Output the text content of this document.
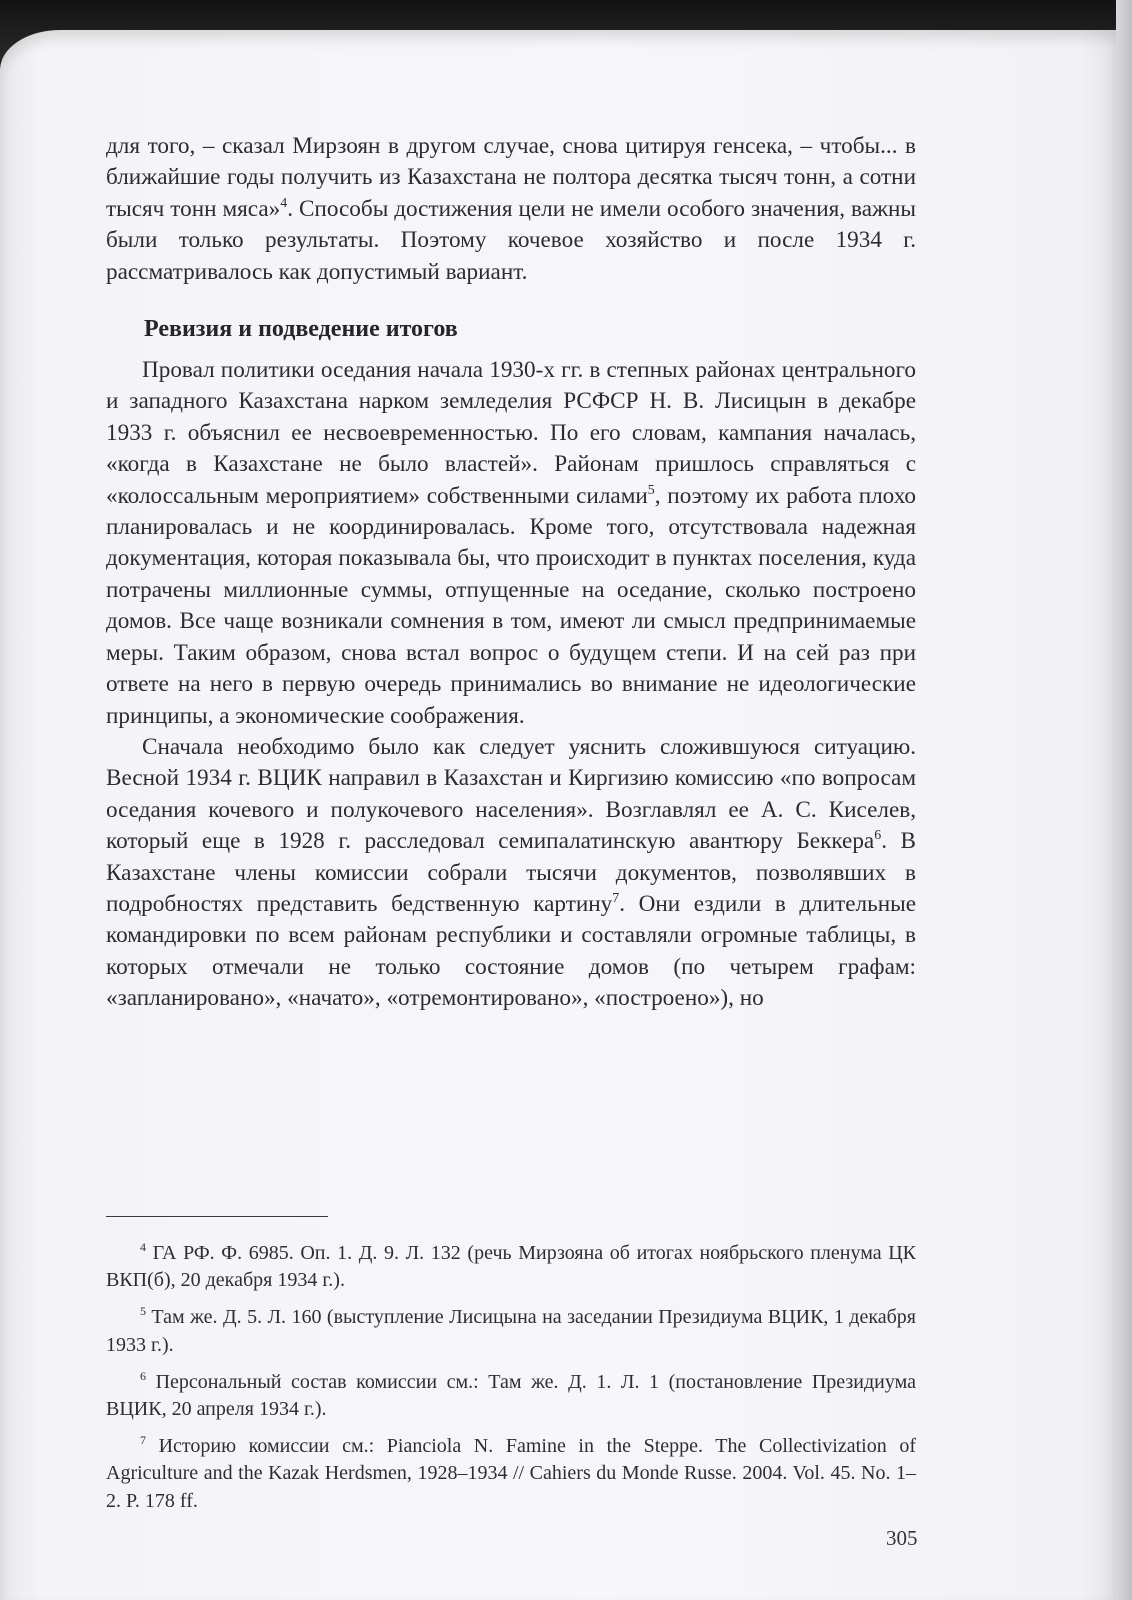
для того, – сказал Мирзоян в другом случае, снова цитируя генсека, – чтобы... в ближайшие годы получить из Казахстана не полтора десятка тысяч тонн, а сотни тысяч тонн мяса»$^4$. Способы достижения цели не имели особого значения, важны были только результаты. Поэтому кочевое хозяйство и после 1934 г. рассматривалось как допустимый вариант.

Ревизия и подведение итогов

Провал политики оседания начала 1930-х гг. в степных районах центрального и западного Казахстана нарком земледелия РСФСР Н. В. Лисицын в декабре 1933 г. объяснил ее несвоевременностью. По его словам, кампания началась, «когда в Казахстане не было властей». Районам пришлось справляться с «колоссальным мероприятием» собственными силами$^5$, поэтому их работа плохо планировалась и не координировалась. Кроме того, отсутствовала надежная документация, которая показывала бы, что происходит в пунктах поселения, куда потрачены миллионные суммы, отпущенные на оседание, сколько построено домов. Все чаще возникали сомнения в том, имеют ли смысл предпринимаемые меры. Таким образом, снова встал вопрос о будущем степи. И на сей раз при ответе на него в первую очередь принимались во внимание не идеологические принципы, а экономические соображения.

Сначала необходимо было как следует уяснить сложившуюся ситуацию. Весной 1934 г. ВЦИК направил в Казахстан и Киргизию комиссию «по вопросам оседания кочевого и полукочевого населения». Возглавлял ее А. С. Киселев, который еще в 1928 г. расследовал семипалатинскую авантюру Беккера$^6$. В Казахстане члены комиссии собрали тысячи документов, позволявших в подробностях представить бедственную картину$^7$. Они ездили в длительные командировки по всем районам республики и составляли огромные таблицы, в которых отмечали не только состояние домов (по четырем графам: «запланировано», «начато», «отремонтировано», «построено»), но

$^4$ ГА РФ. Ф. 6985. Оп. 1. Д. 9. Л. 132 (речь Мирзояна об итогах ноябрьского пленума ЦК ВКП(б), 20 декабря 1934 г.).

$^5$ Там же. Д. 5. Л. 160 (выступление Лисицына на заседании Президиума ВЦИК, 1 декабря 1933 г.).

$^6$ Персональный состав комиссии см.: Там же. Д. 1. Л. 1 (постановление Президиума ВЦИК, 20 апреля 1934 г.).

$^7$ Историю комиссии см.: Pianciola N. Famine in the Steppe. The Collectivization of Agriculture and the Kazak Herdsmen, 1928–1934 // Cahiers du Monde Russe. 2004. Vol. 45. No. 1–2. P. 178 ff.

305
